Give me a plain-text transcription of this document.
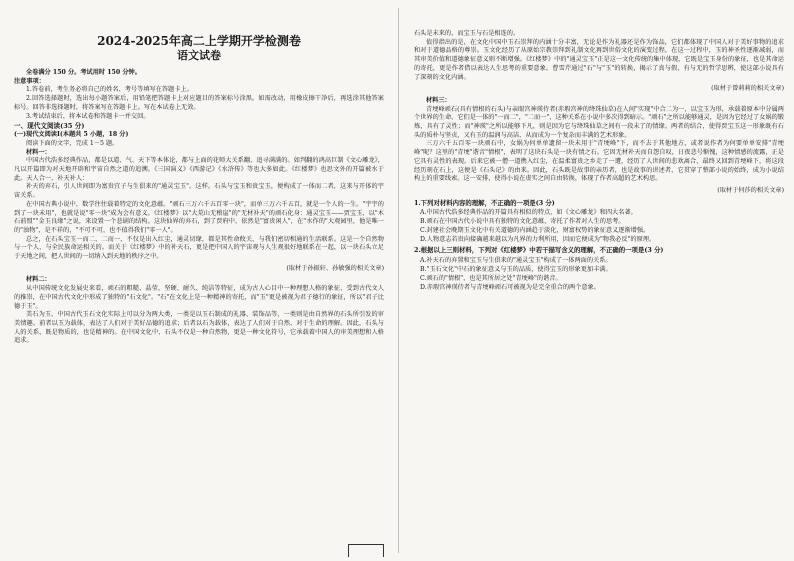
2024-2025年高二上学期开学检测卷

语文试卷

全卷满分 150 分。考试用时 150 分钟。

注意事项：

1.答卷前，考生务必将自己的姓名、考号等填写在答题卡上。

2.回答选择题时，选出每小题答案后，用铅笔把答题卡上对应题目的答案标号涂黑。如需改动，用橡皮擦干净后，再选涂其他答案标号。回答非选择题时，将答案写在答题卡上。写在本试卷上无效。

3.考试结束后，将本试卷和答题卡一并交回。

一、现代文阅读(35 分)

(一)现代文阅读Ⅰ(本题共 5 小题，18 分)

阅读下面的文字，完成 1－5 题。

材料一：

中国古代浩多经典作品，都是以道、气、天下等本体论，都与上面的花师大关系翻，追寻满满的。如判翻的鸿高巨制《文心雕龙》，凡以开篇即为对天地开辟和宇宙自然之道的追溯。《三国演义》《西游记》《水浒传》等也大多如此。《红楼梦》也思文外的开篇被水于此。天人合一，补天补人：

补天的弃石，引人世间即为富贵宜子与生俱来的"通灵宝玉"。这样，石头与宝玉和贵宝玉，便构成了一体而二者，这来与开体的宇宙关系。

在中国古典小说中，数学往往载着特定的文化意蕴。"顽石三万六千五百零一块"，而单三万六千五百，就是一个人的一生。"宇宇的到了一块未用"，也就是说"零一块"成为会有意义。《红楼梦》以"大荒山无稽崖"的"无材补天"的顽石化身：通灵宝玉——贾宝玉，以"木石前盟""金玉良缘"之说，来设置一个悲剧的结构。这块仙界的弃石，到了贾府中，依然是"富贵闲人"，在"水作的"大观园里，他是唯一的"浊物"，是不祥的，"不可不可，也不值得我们"零一人"。

总之，在石头宝玉一而二，二而一，不仅是出入红尘，通灵切缘，都是其性命攸关，与我们密切相通的生活联系。这是一个自然物与一个人、与全民族命运相关的。而关于《红楼梦》中的补天石，更是把中国人的宇宙观与人生观很好地联系在一起，以一块石头立足于天地之间，把人世间的一切纳入到天地的秩序之中。

(取材于孙振轩、孙敏强的相关文章)

材料二：

从中国传统文化发展史来看，顽石的粗糙、晶莹、坚硬、耐久、纯洁等特征，成为古人心目中一种理想人格的象征，受到古代文人的推崇，在中国古代文化中形成了独特的"石文化"。"石"在文化上是一种精神的寄托，而"玉"更是被视为君子德行的象征，所以"君子比德于玉"。

美石为玉，中国古代玉石文化实际上可以分为两大类，一类是以玉石制成的礼器、装饰品等，一类则是由自然界的石头所引发的审美情趣。前者以玉为载体，表达了人们对于美好品德的追求；后者以石为载体，表达了人们对于自然、对于生命的理解。因此，石头与人的关系，既是物质的，也是精神的。在中国文化中，石头不仅是一种自然物，更是一种文化符号，它承载着中国人的审美理想和人格追求。

石头是未来的，而宝玉与石是相连的。

值得指出的是，在文化中国中玉石崇拜的内涵十分丰富，无论是作为礼器还是作为饰品，它们都体现了中国人对于美好事物的追求和对于道德品格的尊崇。玉文化经历了从原始宗教崇拜到礼制文化再到世俗文化的演变过程，在这一过程中，玉的神圣性逐渐减弱，而其审美价值和道德象征意义则不断增强。《红楼梦》中的"通灵宝玉"正是这一文化传统的集中体现，它既是宝玉身份的象征，也是其命运的寄托，更是作者借以表达人生思考的重要意象。曹雪芹通过"石"与"玉"的转换，揭示了真与假、有与无的哲学思辨，使这部小说具有了深刻的文化内涵。

(取材于曾莉莉的相关文章)

材料三：

青埂峰顽石(具有情根的石头)与亲眼宫神瑛侍者(赤瑕宫神的绛珠仙草)在人间"实现"中合二为一，以宝玉为形，承载着原本中分属两个世界的生命，它们是一体的"一而二"，"二而一"，这种关系在小说中多次得到暗示。"顽石"之所以能够通灵，是因为它经过了女娲的锻炼，具有了灵性；而"神瑛"之所以能够下凡，则是因为它与绛珠仙草之间有一段未了的情缘。两者的结合，使得贾宝玉这一形象既有石头的质朴与坚贞，又有玉的温润与高洁，从而成为一个复杂而丰满的艺术形象。

三万六千五百零一块顽石中，女娲为何单单遗留一块未用于"青埂峰"下，而不去于其他地方，或者说作者为何要单单安排"青埂峰"呢？这里的"青埂"谐音"情根"，表明了这块石头是一块有情之石。它因无材补天而自怨自叹，日夜悲号惭愧，这种情感的流露，正是它具有灵性的表现。后来它被一僧一道携入红尘，在温柔富贵之乡走了一遭，经历了人世间的悲欢离合，最终又回到青埂峰下，将这段经历刻在石上，这便是《石头记》的由来。因此，石头既是故事的亲历者，也是故事的讲述者，它贯穿了整部小说的始终，成为小说结构上的重要线索。这一安排，使得小说在虚实之间自由转换，体现了作者高超的艺术构思。

(取材于何莎的相关文章)

1.下列对材料内容的理解，不正确的一项是(3 分)

A.中国古代浩多经典作品的开篇具有相似的特点，如《文心雕龙》和四大名著。

B.顽石在中国古代小说中具有独特的文化意蕴，寄托了作者对人生的思考。

C.封建社会晚期玉文化中有关道德的内涵趋于淡化，财富权势的象征意义逐渐增强。

D.人物意志若贵向接确越来越以为凡界的力利所用，因而它便成为"物我必反"的原理。

2.根据以上三则材料，下列对《红楼梦》中若干描写含义的理解，不正确的一项是(3 分)

A.补天石的弃置和宝玉与生俱来的"通灵宝玉"构成了一体两面的关系。

B."玉石文化"中石的象征意义与玉的品质，使得宝玉的形象更加丰满。

C.顽石的"情根"，也是其所居之处"青埂峰"的谐音。

D.赤瑕宫神瑛侍者与青埂峰顽石可被视为是完全重合的两个意象。
